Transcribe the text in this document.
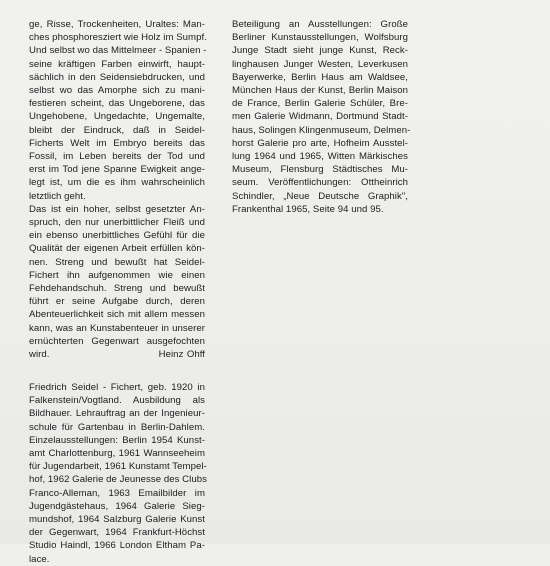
ge, Risse, Trockenheiten, Uraltes: Man-
ches phosphoresziert wie Holz im Sumpf.
Und selbst wo das Mittelmeer - Spanien -
seine kräftigen Farben einwirft, haupt-
sächlich in den Seidensiebdrucken, und
selbst wo das Amorphe sich zu mani-
festieren scheint, das Ungeborene, das
Ungehobene, Ungedachte, Ungemalte,
bleibt der Eindruck, daß in Seidel-
Ficherts Welt im Embryo bereits das
Fossil, im Leben bereits der Tod und
erst im Tod jene Spanne Ewigkeit ange-
legt ist, um die es ihm wahrscheinlich
letztlich geht.
Das ist ein hoher, selbst gesetzter An-
spruch, den nur unerbittlicher Fleiß und
ein ebenso unerbittliches Gefühl für die
Qualität der eigenen Arbeit erfüllen kön-
nen. Streng und bewußt hat Seidel-
Fichert ihn aufgenommen wie einen
Fehdehandschuh. Streng und bewußt
führt er seine Aufgabe durch, deren
Abenteuerlichkeit sich mit allem messen
kann, was an Kunstabenteuer in unserer
ernüchterten Gegenwart ausgefochten
wird.                                Heinz Ohff
Friedrich Seidel - Fichert, geb. 1920 in
Falkenstein/Vogtland. Ausbildung als
Bildhauer. Lehrauftrag an der Ingenieur-
schule für Gartenbau in Berlin-Dahlem.
Einzelausstellungen: Berlin 1954 Kunst-
amt Charlottenburg, 1961 Wannseeheim
für Jugendarbeit, 1961 Kunstamt Tempel-
hof, 1962 Galerie de Jeunesse des Clubs
Franco-Alleman, 1963 Emailbilder im
Jugendgästehaus, 1964 Galerie Sieg-
mundshof, 1964 Salzburg Galerie Kunst
der Gegenwart, 1964 Frankfurt-Höchst
Studio Haindl, 1966 London Eltham Pa-
lace.
Beteiligung an Ausstellungen: Große
Berliner Kunstausstellungen, Wolfsburg
Junge Stadt sieht junge Kunst, Reck-
linghausen Junger Westen, Leverkusen
Bayerwerke, Berlin Haus am Waldsee,
München Haus der Kunst, Berlin Maison
de France, Berlin Galerie Schüler, Bre-
men Galerie Widmann, Dortmund Stadt-
haus, Solingen Klingenmuseum, Delmen-
horst Galerie pro arte, Hofheim Ausstel-
lung 1964 und 1965, Witten Märkisches
Museum, Flensburg Städtisches Mu-
seum. Veröffentlichungen: Ottheinrich
Schindler, „Neue Deutsche Graphik",
Frankenthal 1965, Seite 94 und 95.
